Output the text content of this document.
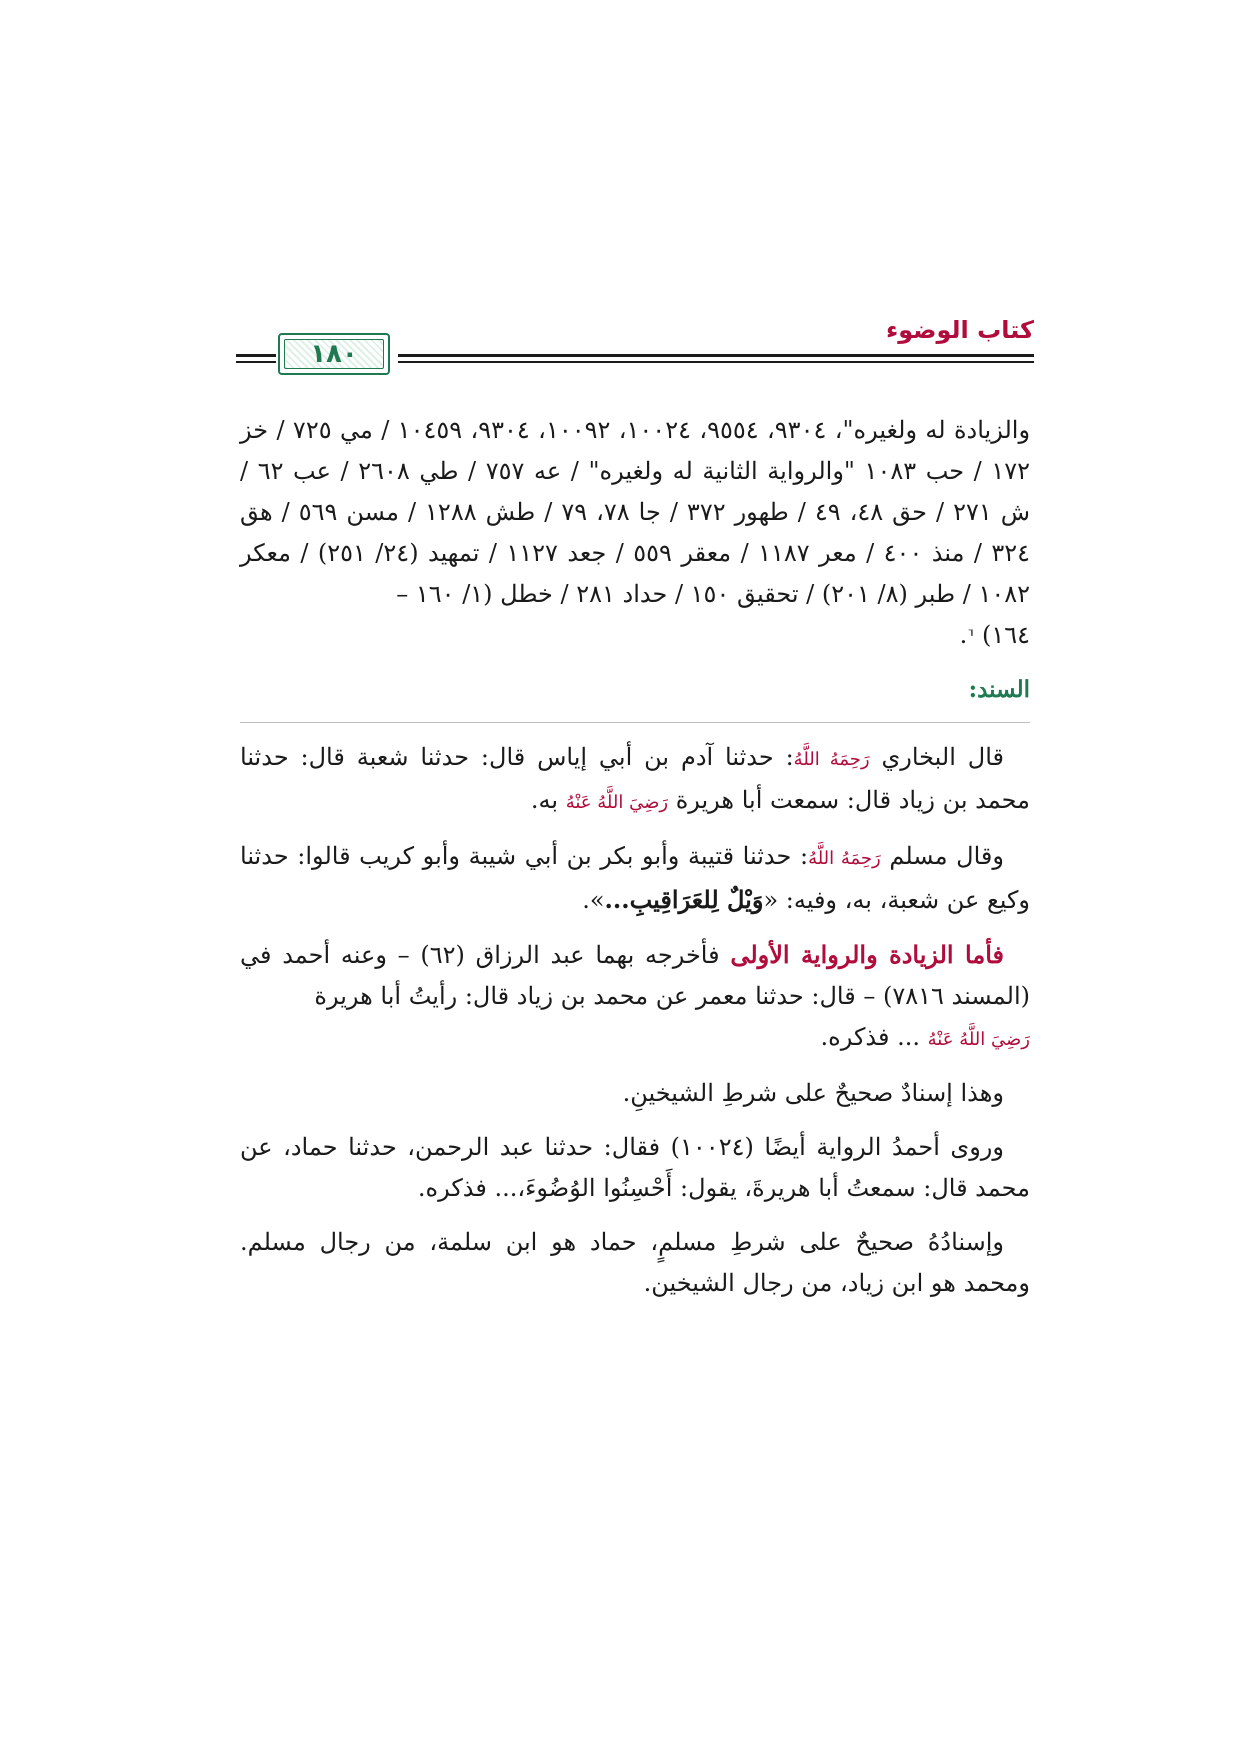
كتاب الوضوء
١٨٠

والزيادة له ولغيره"، ٩٣٠٤، ٩٥٥٤، ١٠٠٢٤، ١٠٠٩٢، ٩٣٠٤، ١٠٤٥٩ / مي ٧٢٥ / خز ١٧٢ / حب ١٠٨٣ "والرواية الثانية له ولغيره" / عه ٧٥٧ / طي ٢٦٠٨ / عب ٦٢ / ش ٢٧١ / حق ٤٨، ٤٩ / طهور ٣٧٢ / جا ٧٨، ٧٩ / طش ١٢٨٨ / مسن ٥٦٩ / هق ٣٢٤ / منذ ٤٠٠ / معر ١١٨٧ / معقر ٥٥٩ / جعد ١١٢٧ / تمهيد (٢٤/ ٢٥١) / معكر ١٠٨٢ / طبر (٨/ ٢٠١) / تحقيق ١٥٠ / حداد ٢٨١ / خطل (١/ ١٦٠ –
١٦٤) ⸢.

السند:

قال البخاري رَحِمَهُ اللَّهُ: حدثنا آدم بن أبي إياس قال: حدثنا شعبة قال: حدثنا محمد بن زياد قال: سمعت أبا هريرة رَضِيَ اللَّهُ عَنْهُ به.

وقال مسلم رَحِمَهُ اللَّهُ: حدثنا قتيبة وأبو بكر بن أبي شيبة وأبو كريب قالوا: حدثنا وكيع عن شعبة، به، وفيه: «وَيْلٌ لِلعَرَاقِيبِ...».

فأما الزيادة والرواية الأولى فأخرجه بهما عبد الرزاق (٦٢) – وعنه أحمد في (المسند ٧٨١٦) – قال: حدثنا معمر عن محمد بن زياد قال: رأيتُ أبا هريرة
رَضِيَ اللَّهُ عَنْهُ ... فذكره.

وهذا إسنادٌ صحيحٌ على شرطِ الشيخينِ.

وروى أحمدُ الرواية أيضًا (١٠٠٢٤) فقال: حدثنا عبد الرحمن، حدثنا حماد، عن محمد قال: سمعتُ أبا هريرةَ، يقول: أَحْسِنُوا الوُضُوءَ،... فذكره.

وإسنادُهُ صحيحٌ على شرطِ مسلمٍ، حماد هو ابن سلمة، من رجال مسلم. ومحمد هو ابن زياد، من رجال الشيخين.
